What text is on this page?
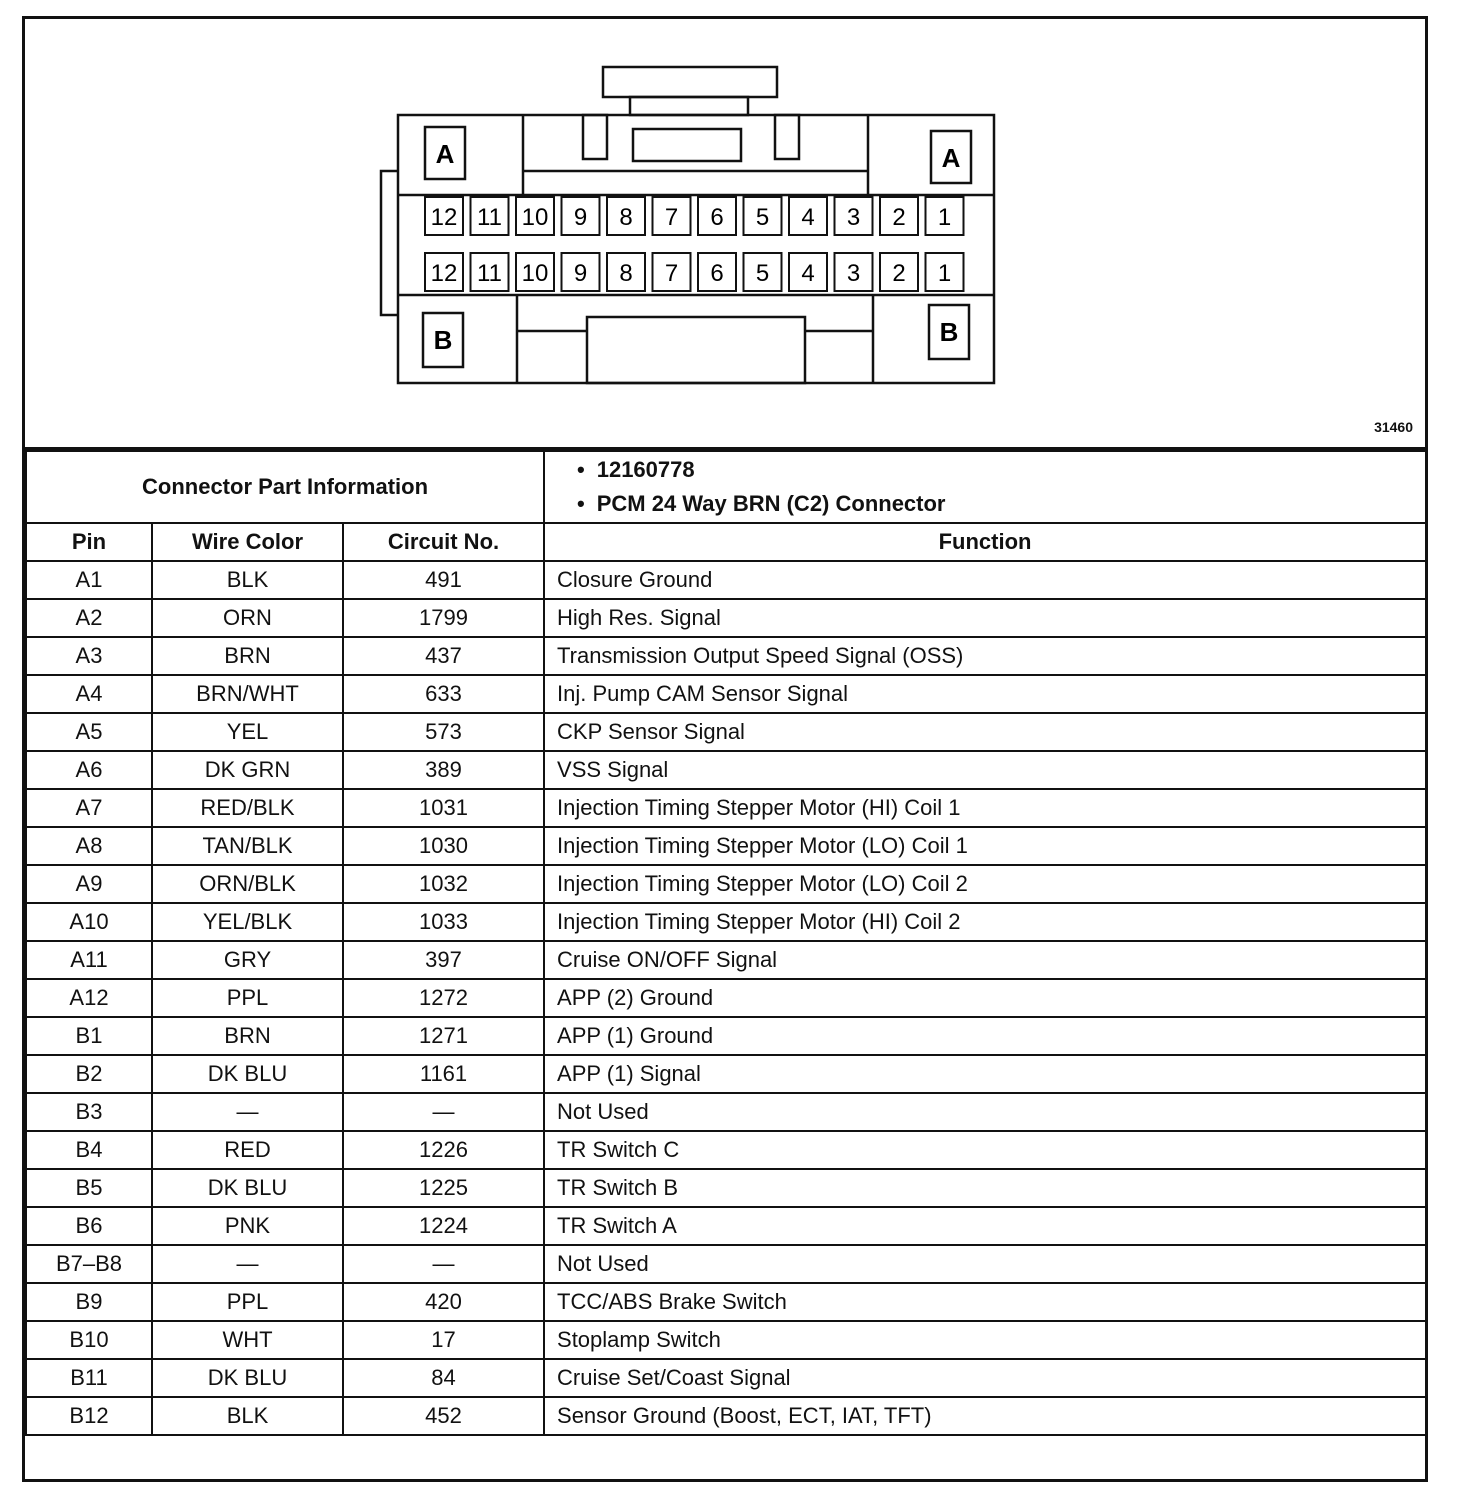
A	A
B	B
12 11 10 9 8 7 6 5 4 3 2 1
12 11 10 9 8 7 6 5 4 3 2 1
31460
Connector Part Information			• 12160778
• PCM 24 Way BRN (C2) Connector

Pin	Wire Color	Circuit No.	Function
A1	BLK	491	Closure Ground
A2	ORN	1799	High Res. Signal
A3	BRN	437	Transmission Output Speed Signal (OSS)
A4	BRN/WHT	633	Inj. Pump CAM Sensor Signal
A5	YEL	573	CKP Sensor Signal
A6	DK GRN	389	VSS Signal
A7	RED/BLK	1031	Injection Timing Stepper Motor (HI) Coil 1
A8	TAN/BLK	1030	Injection Timing Stepper Motor (LO) Coil 1
A9	ORN/BLK	1032	Injection Timing Stepper Motor (LO) Coil 2
A10	YEL/BLK	1033	Injection Timing Stepper Motor (HI) Coil 2
A11	GRY	397	Cruise ON/OFF Signal
A12	PPL	1272	APP (2) Ground
B1	BRN	1271	APP (1) Ground
B2	DK BLU	1161	APP (1) Signal
B3	—	—	Not Used
B4	RED	1226	TR Switch C
B5	DK BLU	1225	TR Switch B
B6	PNK	1224	TR Switch A
B7–B8	—	—	Not Used
B9	PPL	420	TCC/ABS Brake Switch
B10	WHT	17	Stoplamp Switch
B11	DK BLU	84	Cruise Set/Coast Signal
B12	BLK	452	Sensor Ground (Boost, ECT, IAT, TFT)
